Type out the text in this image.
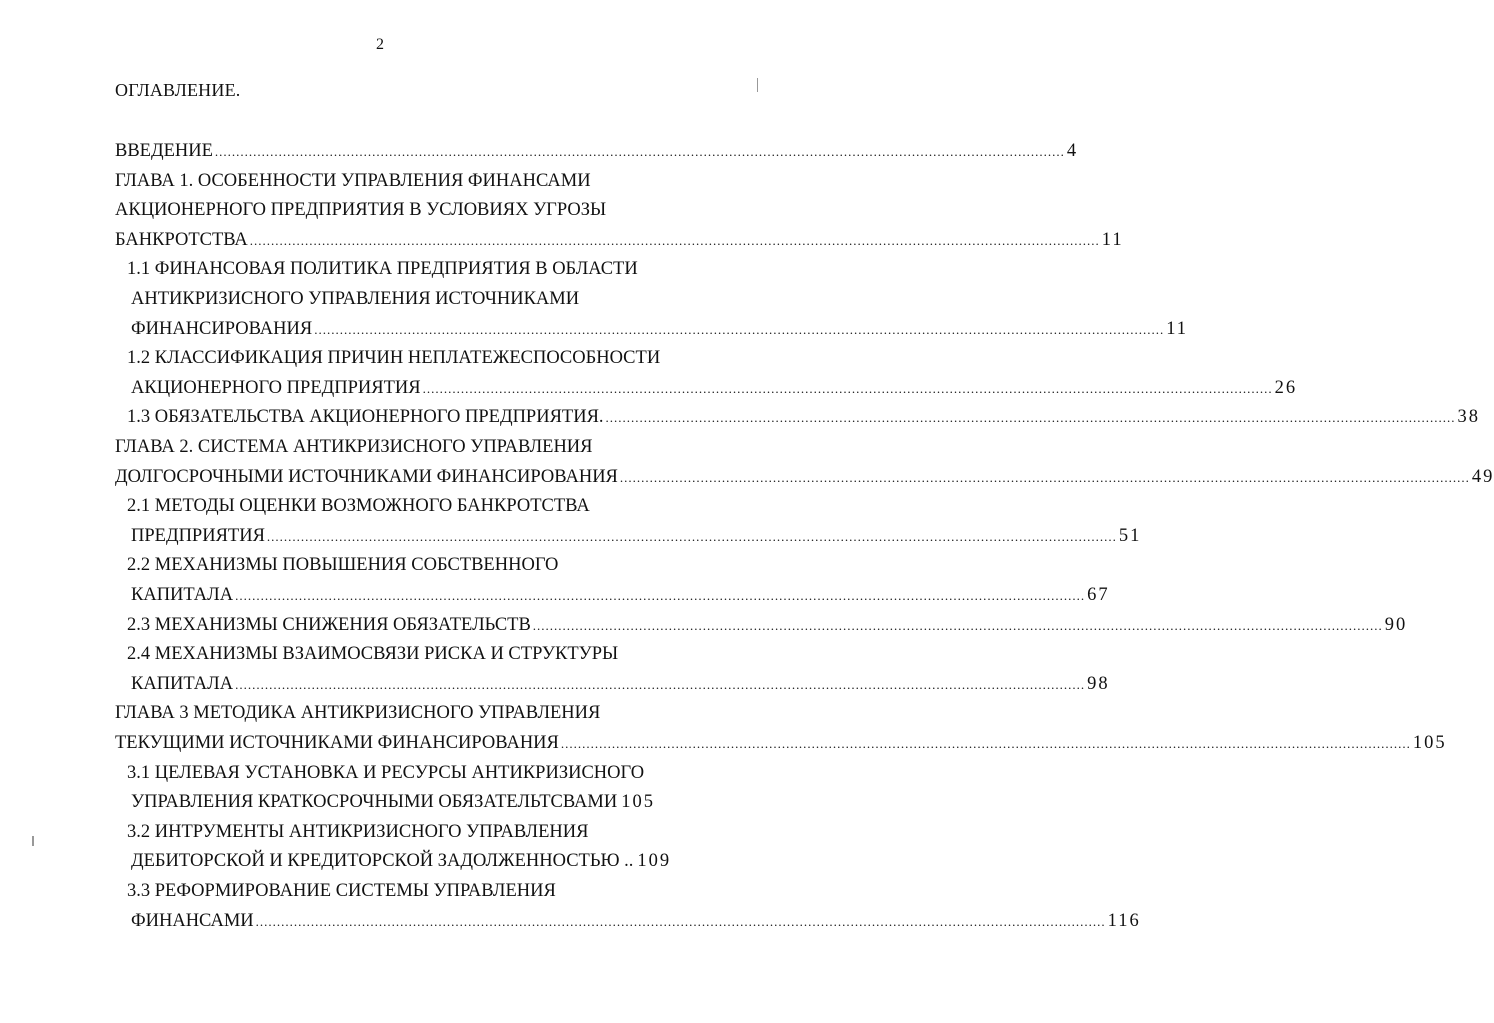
2
ОГЛАВЛЕНИЕ.
ВВЕДЕНИЕ ........................................................................................................................................................................................................ 4
ГЛАВА 1. ОСОБЕННОСТИ УПРАВЛЕНИЯ ФИНАНСАМИ
АКЦИОНЕРНОГО ПРЕДПРИЯТИЯ В УСЛОВИЯХ УГРОЗЫ
БАНКРОТСТВА ........................................................................................................................................................................................................ 11
1.1 ФИНАНСОВАЯ ПОЛИТИКА ПРЕДПРИЯТИЯ В ОБЛАСТИ
АНТИКРИЗИСНОГО УПРАВЛЕНИЯ ИСТОЧНИКАМИ
ФИНАНСИРОВАНИЯ ........................................................................................................................................................................................................ 11
1.2 КЛАССИФИКАЦИЯ ПРИЧИН НЕПЛАТЕЖЕСПОСОБНОСТИ
АКЦИОНЕРНОГО ПРЕДПРИЯТИЯ ........................................................................................................................................................................................................ 26
1.3 ОБЯЗАТЕЛЬСТВА АКЦИОНЕРНОГО ПРЕДПРИЯТИЯ. ........................................................................................................................................................................................................ 38
ГЛАВА 2. СИСТЕМА АНТИКРИЗИСНОГО УПРАВЛЕНИЯ
ДОЛГОСРОЧНЫМИ ИСТОЧНИКАМИ ФИНАНСИРОВАНИЯ ........................................................................................................................................................................................................ 49
2.1 МЕТОДЫ ОЦЕНКИ ВОЗМОЖНОГО БАНКРОТСТВА
ПРЕДПРИЯТИЯ ........................................................................................................................................................................................................ 51
2.2 МЕХАНИЗМЫ ПОВЫШЕНИЯ СОБСТВЕННОГО
КАПИТАЛА ........................................................................................................................................................................................................ 67
2.3 МЕХАНИЗМЫ СНИЖЕНИЯ ОБЯЗАТЕЛЬСТВ ........................................................................................................................................................................................................ 90
2.4 МЕХАНИЗМЫ ВЗАИМОСВЯЗИ РИСКА И СТРУКТУРЫ
КАПИТАЛА ........................................................................................................................................................................................................ 98
ГЛАВА 3 МЕТОДИКА АНТИКРИЗИСНОГО УПРАВЛЕНИЯ
ТЕКУЩИМИ ИСТОЧНИКАМИ ФИНАНСИРОВАНИЯ ........................................................................................................................................................................................................ 105
3.1 ЦЕЛЕВАЯ УСТАНОВКА И РЕСУРСЫ АНТИКРИЗИСНОГО
УПРАВЛЕНИЯ КРАТКОСРОЧНЫМИ ОБЯЗАТЕЛЬТСВАМИ 105
3.2 ИНТРУМЕНТЫ АНТИКРИЗИСНОГО УПРАВЛЕНИЯ
ДЕБИТОРСКОЙ И КРЕДИТОРСКОЙ ЗАДОЛЖЕННОСТЬЮ .. 109
3.3 РЕФОРМИРОВАНИЕ СИСТЕМЫ УПРАВЛЕНИЯ
ФИНАНСАМИ ........................................................................................................................................................................................................ 116
